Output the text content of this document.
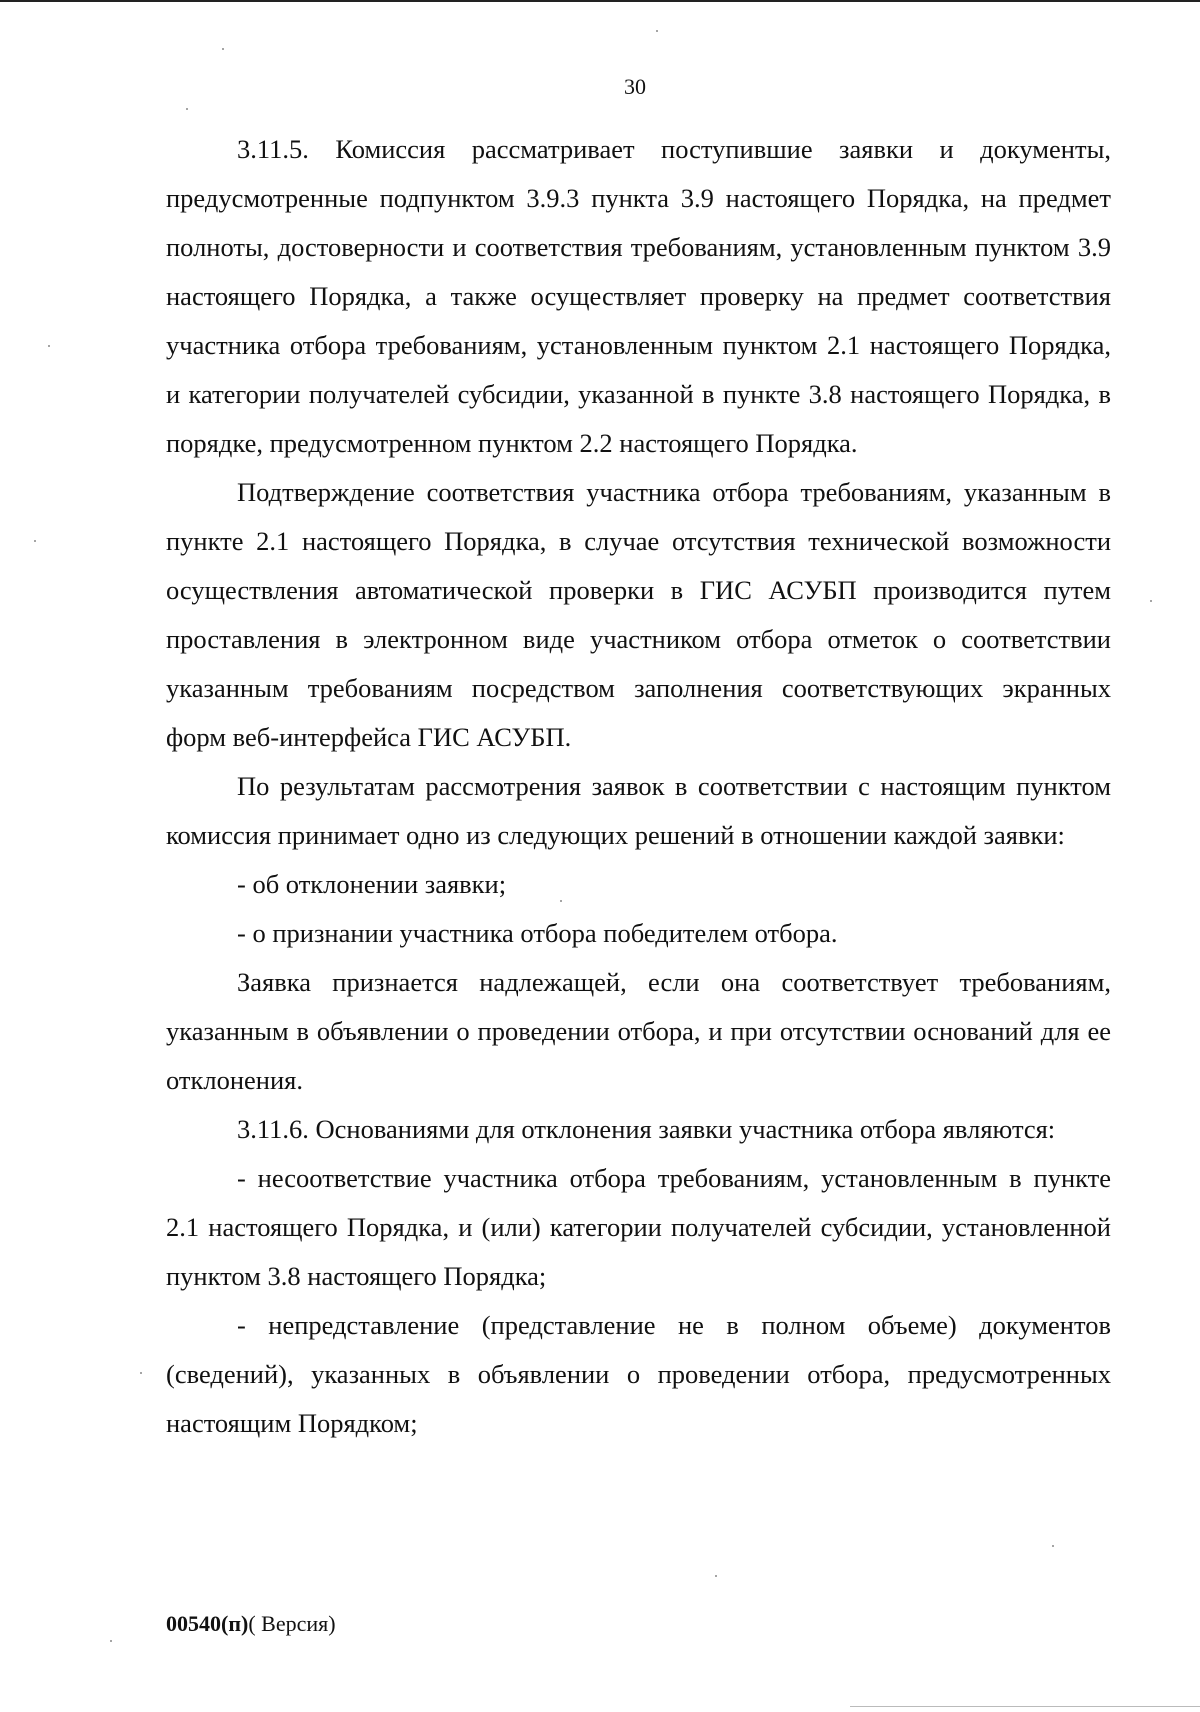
30

3.11.5. Комиссия рассматривает поступившие заявки и документы, предусмотренные подпунктом 3.9.3 пункта 3.9 настоящего Порядка, на предмет полноты, достоверности и соответствия требованиям, установленным пунктом 3.9 настоящего Порядка, а также осуществляет проверку на предмет соответствия участника отбора требованиям, установленным пунктом 2.1 настоящего Порядка, и категории получателей субсидии, указанной в пункте 3.8 настоящего Порядка, в порядке, предусмотренном пунктом 2.2 настоящего Порядка.

Подтверждение соответствия участника отбора требованиям, указанным в пункте 2.1 настоящего Порядка, в случае отсутствия технической возможности осуществления автоматической проверки в ГИС АСУБП производится путем проставления в электронном виде участником отбора отметок о соответствии указанным требованиям посредством заполнения соответствующих экранных форм веб-интерфейса ГИС АСУБП.

По результатам рассмотрения заявок в соответствии с настоящим пунктом комиссия принимает одно из следующих решений в отношении каждой заявки:

- об отклонении заявки;

- о признании участника отбора победителем отбора.

Заявка признается надлежащей, если она соответствует требованиям, указанным в объявлении о проведении отбора, и при отсутствии оснований для ее отклонения.

3.11.6. Основаниями для отклонения заявки участника отбора являются:

- несоответствие участника отбора требованиям, установленным в пункте 2.1 настоящего Порядка, и (или) категории получателей субсидии, установленной пунктом 3.8 настоящего Порядка;

- непредставление (представление не в полном объеме) документов (сведений), указанных в объявлении о проведении отбора, предусмотренных настоящим Порядком;

00540(п)( Версия)
